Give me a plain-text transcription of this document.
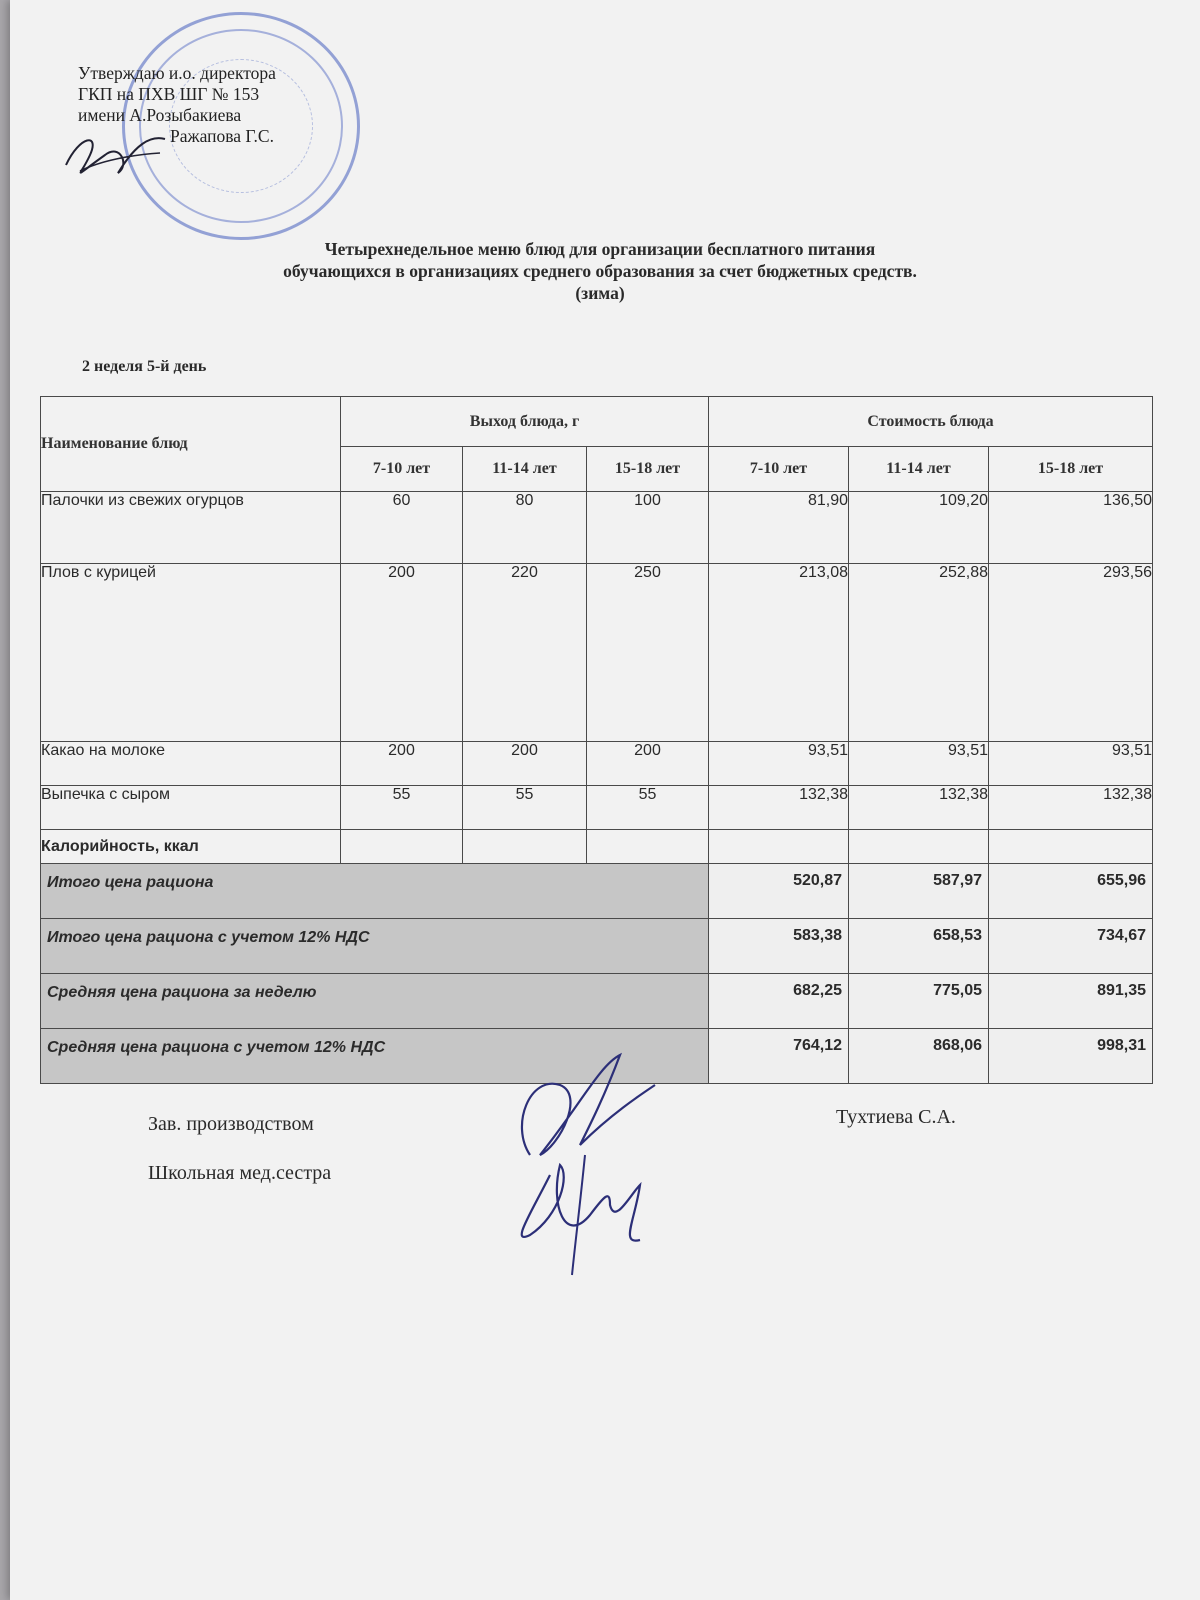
Утверждаю и.о. директора
ГКП на ПХВ ШГ № 153
имени А.Розыбакиева
Ражапова Г.С.
Четырехнедельное меню блюд для организации бесплатного питания
обучающихся в организациях среднего образования за счет бюджетных средств.
(зима)
2 неделя 5-й день
Наименование блюд	Выход блюда, г			Стоимость блюда		
	7-10 лет	11-14 лет	15-18 лет	7-10 лет	11-14 лет	15-18 лет
Палочки из свежих огурцов	60	80	100	81,90	109,20	136,50
Плов с курицей	200	220	250	213,08	252,88	293,56
Какао на молоке	200	200	200	93,51	93,51	93,51
Выпечка с сыром	55	55	55	132,38	132,38	132,38
Калорийность, ккал						
Итого цена рациона				520,87	587,97	655,96
Итого цена рациона с учетом 12% НДС				583,38	658,53	734,67
Средняя цена рациона за неделю				682,25	775,05	891,35
Средняя цена рациона с учетом 12% НДС				764,12	868,06	998,31
Зав. производством
Школьная мед.сестра
Тухтиева С.А.
